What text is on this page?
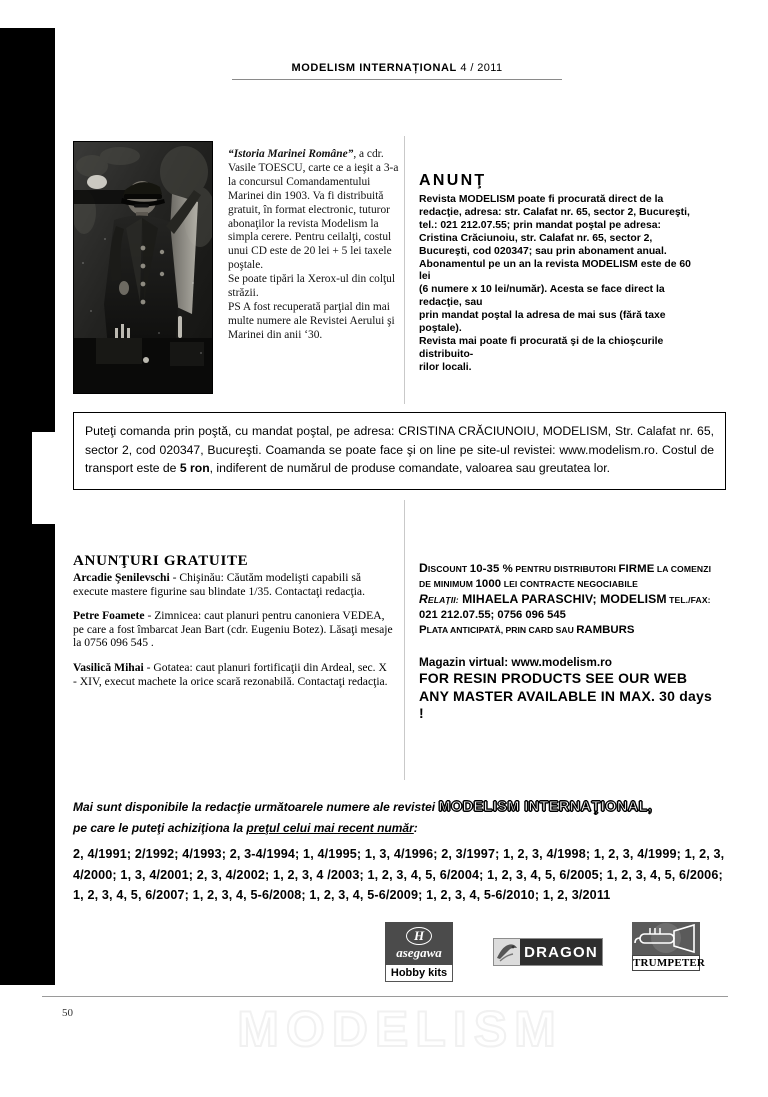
MODELISM INTERNAȚIONAL 4 / 2011
“Istoria Marinei Române”, a cdr. Vasile TOESCU, carte ce a ieşit a 3-a la concursul Comandamentului Marinei din 1903. Va fi distribuită gratuit, în format electronic, tuturor abonaţilor la revista Modelism la simpla cerere. Pentru ceilalţi, costul unui CD este de 20 lei + 5 lei taxele poştale.
Se poate tipări la Xerox-ul din colţul străzii.
PS A fost recuperată parţial din mai multe numere ale Revistei Aerului şi Marinei din anii ‘30.
ANUNŢ
Revista MODELISM poate fi procurată direct de la
redacţie, adresa: str. Calafat nr. 65, sector 2, Bucureşti,
tel.: 021 212.07.55; prin mandat poştal pe adresa:
Cristina Crăciunoiu, str. Calafat nr. 65, sector 2,
Bucureşti, cod 020347; sau prin abonament anual.
Abonamentul pe un an la revista MODELISM este de 60 lei
(6 numere x 10 lei/număr). Acesta se face direct la redacţie, sau
prin mandat poştal la adresa de mai sus (fără taxe poştale).
Revista mai poate fi procurată şi de la chioşcurile distribuito-
rilor locali.

Puteţi comanda prin poştă, cu mandat poştal, pe adresa: CRISTINA CRĂCIUNOIU, MODELISM, Str. Calafat nr. 65, sector 2, cod 020347, Bucureşti. Coamanda se poate face şi on line pe site-ul revistei: www.modelism.ro. Costul de transport este de 5 ron, indiferent de numărul de produse comandate, valoarea sau greutatea lor.

ANUNŢURI GRATUITE
Arcadie Şenilevschi - Chişinău: Căutăm modelişti capabili să execute mastere figurine sau blindate 1/35. Contactaţi redacţia.
Petre Foamete - Zimnicea: caut planuri pentru canoniera VEDEA, pe care a fost îmbarcat Jean Bart (cdr. Eugeniu Botez). Lăsaţi mesaje la 0756 096 545 .
Vasilică Mihai - Gotatea: caut planuri fortificaţii din Ardeal, sec. X - XIV, execut machete la orice scară rezonabilă. Contactaţi redacţia.
DISCOUNT 10-35 % PENTRU DISTRIBUTORI FIRME LA COMENZI
DE MINIMUM 1000 LEI CONTRACTE NEGOCIABILE
RELAŢII: MIHAELA PARASCHIV; MODELISM TEL./FAX:
021 212.07.55; 0756 096 545
PLATA ANTICIPATĂ, PRIN CARD SAU RAMBURS
Magazin virtual: www.modelism.ro
FOR RESIN PRODUCTS SEE OUR WEB
ANY MASTER AVAILABLE IN MAX. 30 days !
Mai sunt disponibile la redacţie următoarele numere ale revistei MODELISM INTERNAŢIONAL,
pe care le puteţi achiziţiona la preţul celui mai recent număr:
2, 4/1991; 2/1992; 4/1993; 2, 3-4/1994; 1, 4/1995; 1, 3, 4/1996; 2, 3/1997; 1, 2, 3, 4/1998; 1, 2, 3, 4/1999; 1, 2, 3, 4/2000; 1, 3, 4/2001; 2, 3, 4/2002; 1, 2, 3, 4 /2003; 1, 2, 3, 4, 5, 6/2004; 1, 2, 3, 4, 5, 6/2005; 1, 2, 3, 4, 5, 6/2006; 1, 2, 3, 4, 5, 6/2007; 1, 2, 3, 4, 5-6/2008; 1, 2, 3, 4, 5-6/2009; 1, 2, 3, 4, 5-6/2010; 1, 2, 3/2011
Hasegawa
Hobby kits
DRAGON
TRUMPETER
50	MODELISM
